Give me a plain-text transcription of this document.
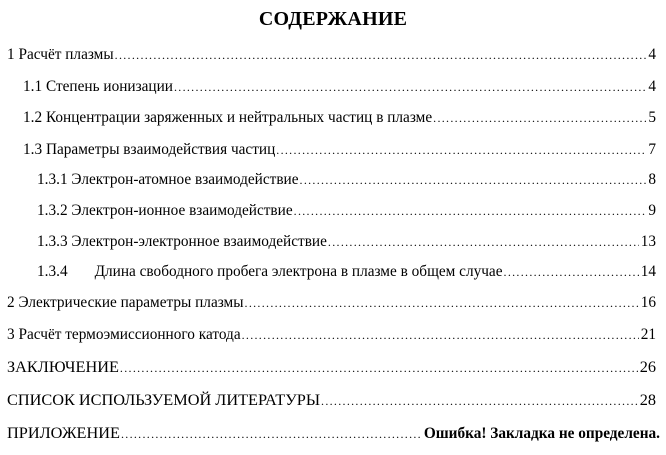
СОДЕРЖАНИЕ
1 Расчёт плазмы .....	4
1.1 Степень ионизации .....	4
1.2 Концентрации заряженных и нейтральных частиц в плазме .....	5
1.3 Параметры взаимодействия частиц .....	7
1.3.1 Электрон-атомное взаимодействие .....	8
1.3.2 Электрон-ионное взаимодействие .....	9
1.3.3 Электрон-электронное взаимодействие .....	13
1.3.4 Длина свободного пробега электрона в плазме в общем случае .....	14
2 Электрические параметры плазмы .....	16
3 Расчёт термоэмиссионного катода .....	21
ЗАКЛЮЧЕНИЕ .....	26
СПИСОК ИСПОЛЬЗУЕМОЙ ЛИТЕРАТУРЫ .....	28
ПРИЛОЖЕНИЕ .....	Ошибка! Закладка не определена.
